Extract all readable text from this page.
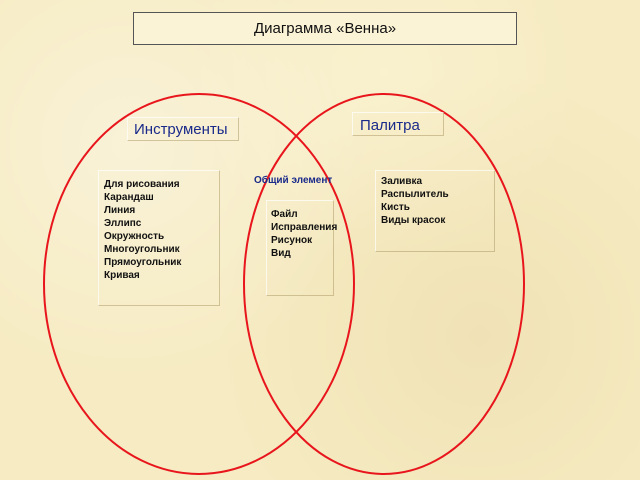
Диаграмма «Венна»
Инструменты	Палитра
Общий элемент
Для рисования
Карандаш
Линия
Эллипс
Окружность
Многоугольник
Прямоугольник
Кривая
Заливка
Распылитель
Кисть
Виды красок
Файл
Исправления
Рисунок
Вид
